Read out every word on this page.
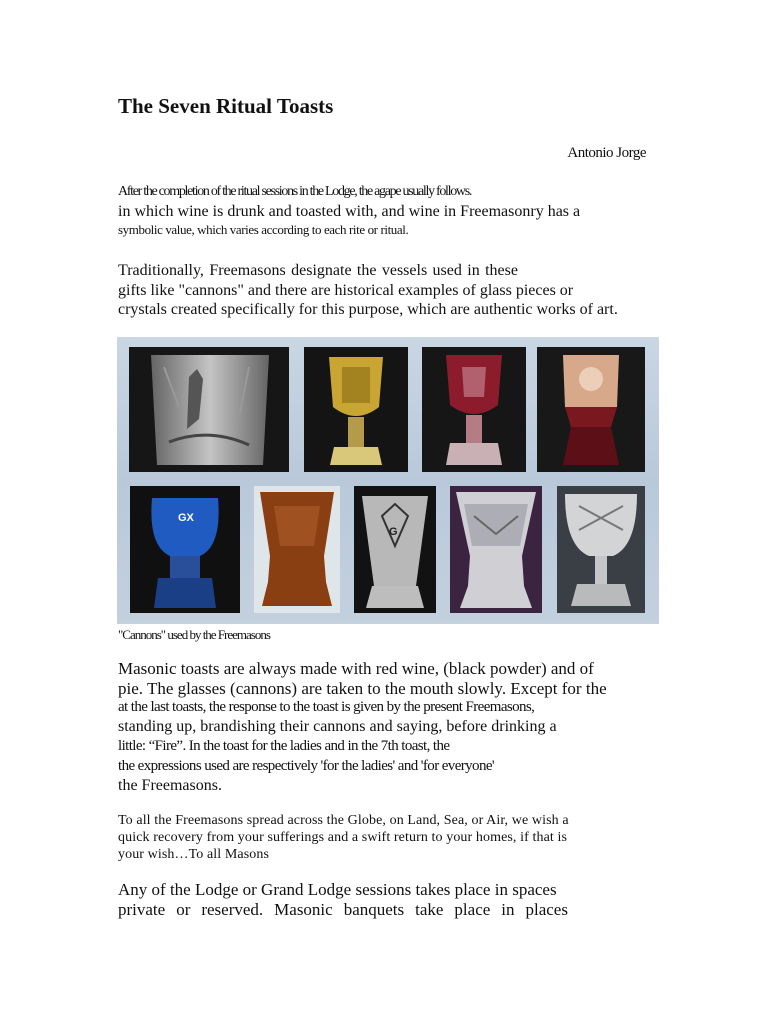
The Seven Ritual Toasts
Antonio Jorge
After the completion of the ritual sessions in the Lodge, the agape usually follows.
in which wine is drunk and toasted with, and wine in Freemasonry has a
symbolic value, which varies according to each rite or ritual.
Traditionally, Freemasons designate the vessels used in these
gifts like "cannons" and there are historical examples of glass pieces or
crystals created specifically for this purpose, which are authentic works of art.
GX
G
"Cannons" used by the Freemasons
Masonic toasts are always made with red wine, (black powder) and of
pie. The glasses (cannons) are taken to the mouth slowly. Except for the
at the last toasts, the response to the toast is given by the present Freemasons,
standing up, brandishing their cannons and saying, before drinking a
little: “Fire”. In the toast for the ladies and in the 7th toast, the
the expressions used are respectively 'for the ladies' and 'for everyone'
the Freemasons.
To all the Freemasons spread across the Globe, on Land, Sea, or Air, we wish a
quick recovery from your sufferings and a swift return to your homes, if that is
your wish…To all Masons
Any of the Lodge or Grand Lodge sessions takes place in spaces
private or reserved. Masonic banquets take place in places
